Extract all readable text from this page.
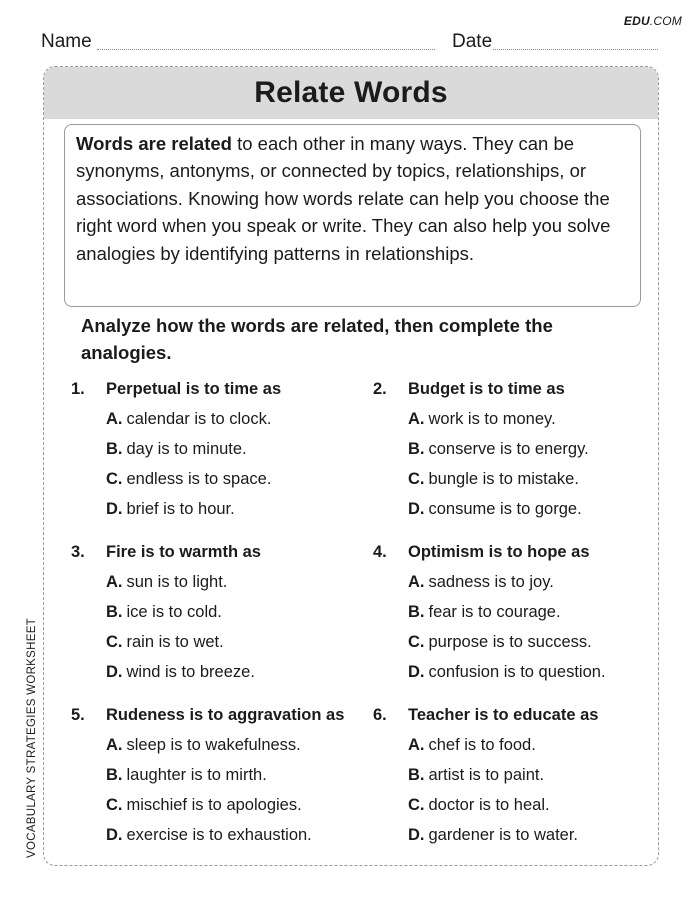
EDU.COM
Name	Date
VOCABULARY STRATEGIES WORKSHEET
Relate Words
Words are related to each other in many ways. They can be synonyms, antonyms, or connected by topics, relationships, or associations. Knowing how words relate can help you choose the right word when you speak or write. They can also help you solve analogies by identifying patterns in relationships.
Analyze how the words are related, then complete the analogies.
1. Perpetual is to time as
A. calendar is to clock.
B. day is to minute.
C. endless is to space.
D. brief is to hour.
2. Budget is to time as
A. work is to money.
B. conserve is to energy.
C. bungle is to mistake.
D. consume is to gorge.
3. Fire is to warmth as
A. sun is to light.
B. ice is to cold.
C. rain is to wet.
D. wind is to breeze.
4. Optimism is to hope as
A. sadness is to joy.
B. fear is to courage.
C. purpose is to success.
D. confusion is to question.
5. Rudeness is to aggravation as
A. sleep is to wakefulness.
B. laughter is to mirth.
C. mischief is to apologies.
D. exercise is to exhaustion.
6. Teacher is to educate as
A. chef is to food.
B. artist is to paint.
C. doctor is to heal.
D. gardener is to water.
